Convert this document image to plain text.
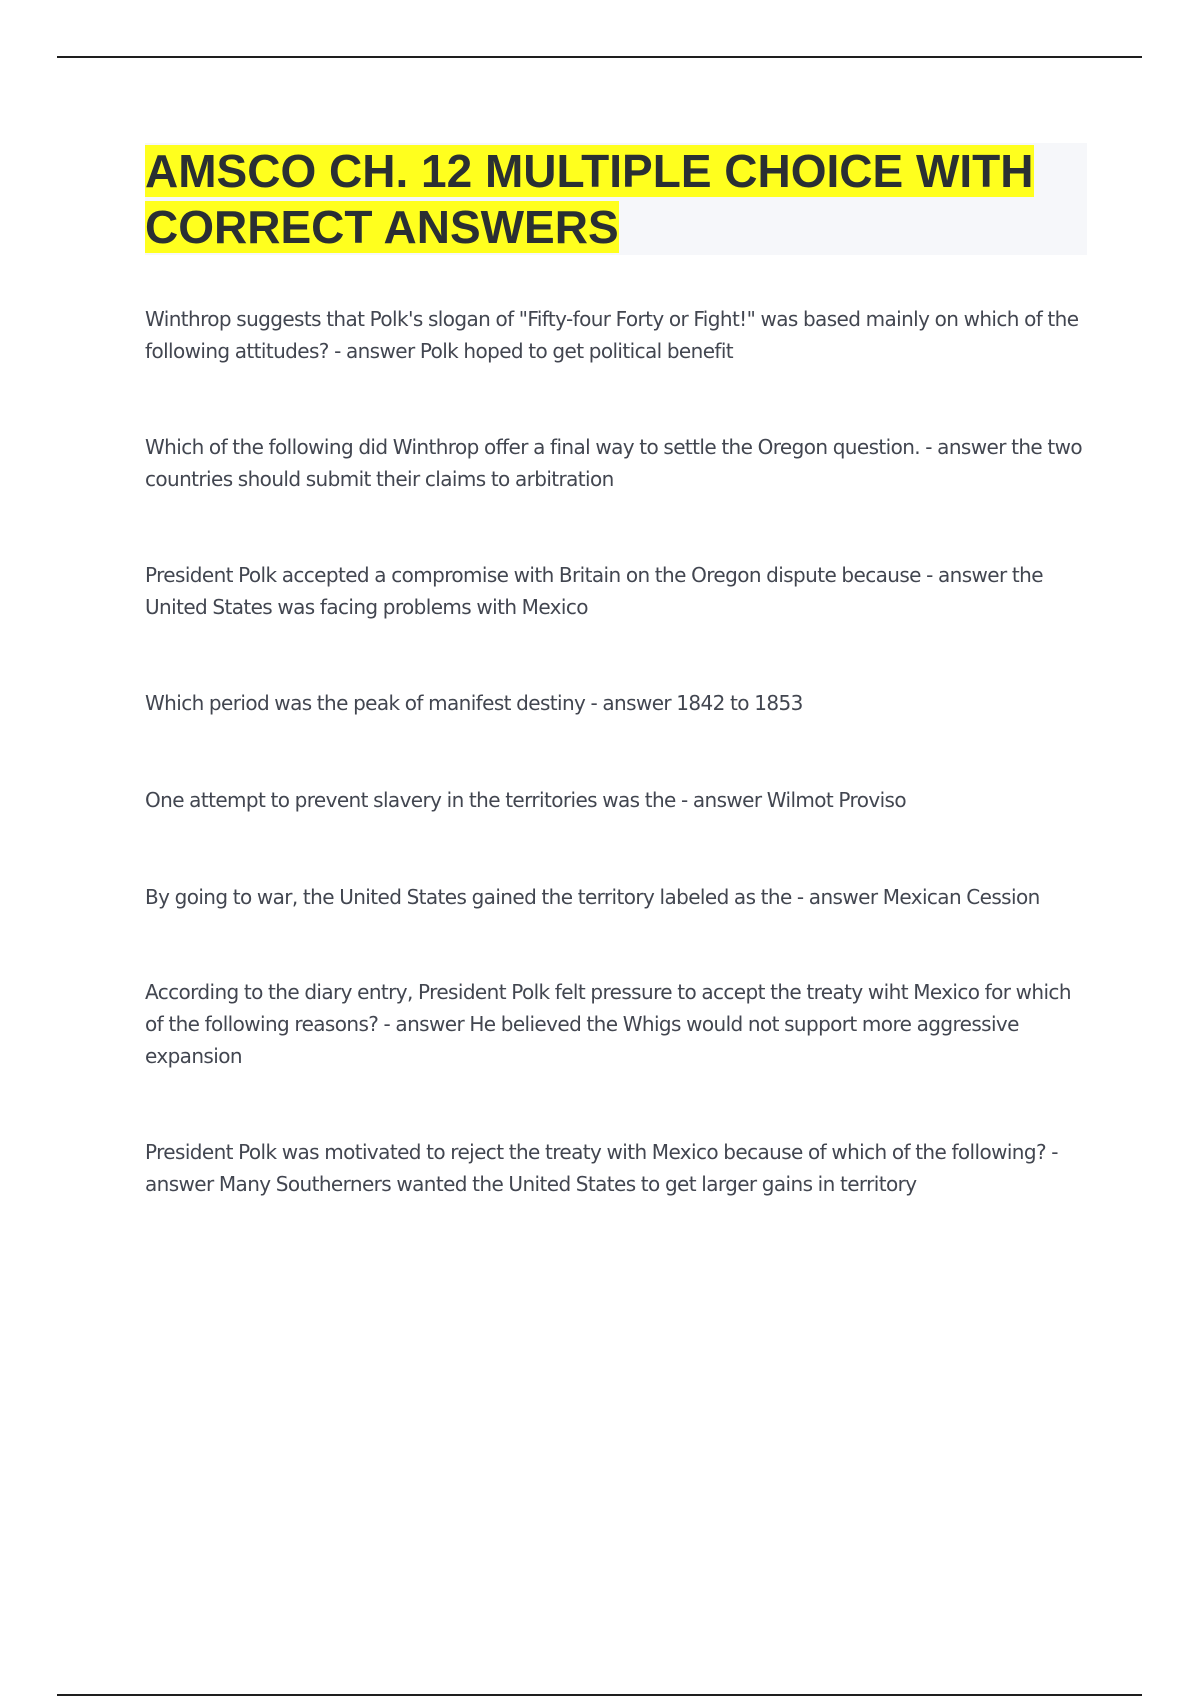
AMSCO CH. 12 MULTIPLE CHOICE WITH CORRECT ANSWERS

Winthrop suggests that Polk's slogan of "Fifty-four Forty or Fight!" was based mainly on which of the following attitudes? - answer Polk hoped to get political benefit

Which of the following did Winthrop offer a final way to settle the Oregon question. - answer the two countries should submit their claims to arbitration

President Polk accepted a compromise with Britain on the Oregon dispute because - answer the United States was facing problems with Mexico

Which period was the peak of manifest destiny - answer 1842 to 1853

One attempt to prevent slavery in the territories was the - answer Wilmot Proviso

By going to war, the United States gained the territory labeled as the - answer Mexican Cession

According to the diary entry, President Polk felt pressure to accept the treaty wiht Mexico for which of the following reasons? - answer He believed the Whigs would not support more aggressive expansion

President Polk was motivated to reject the treaty with Mexico because of which of the following? - answer Many Southerners wanted the United States to get larger gains in territory
